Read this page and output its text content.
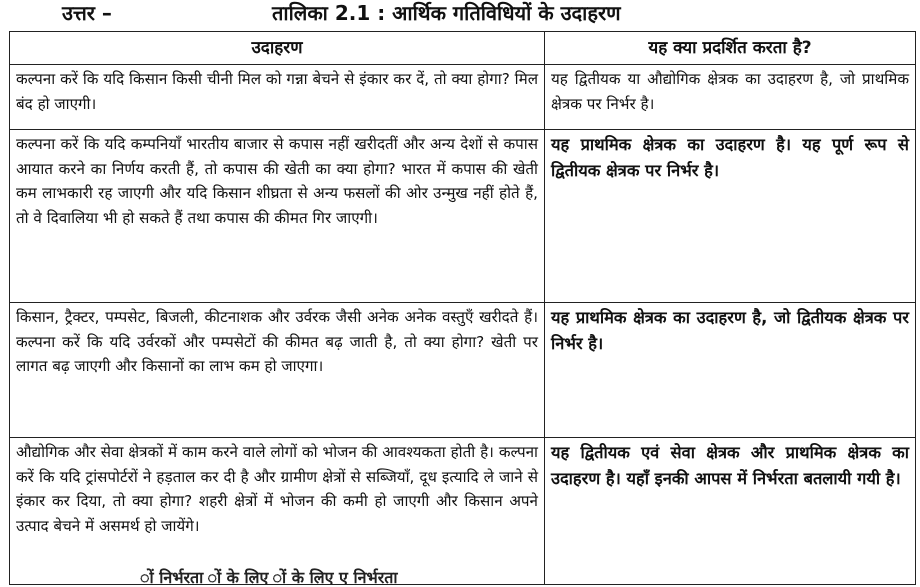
उत्तर –	तालिका 2.1 : आर्थिक गतिविधियों के उदाहरण
उदाहरण	यह क्या प्रदर्शित करता है?
कल्पना करें कि यदि किसान किसी चीनी मिल को गन्ना बेचने से इंकार कर दें, तो क्या होगा? मिल बंद हो जाएगी।	यह द्वितीयक या औद्योगिक क्षेत्रक का उदाहरण है, जो प्राथमिक क्षेत्रक पर निर्भर है।
कल्पना करें कि यदि कम्पनियाँ भारतीय बाजार से कपास नहीं खरीदतीं और अन्य देशों से कपास आयात करने का निर्णय करती हैं, तो कपास की खेती का क्या होगा? भारत में कपास की खेती कम लाभकारी रह जाएगी और यदि किसान शीघ्रता से अन्य फसलों की ओर उन्मुख नहीं होते हैं, तो वे दिवालिया भी हो सकते हैं तथा कपास की कीमत गिर जाएगी।	यह प्राथमिक क्षेत्रक का उदाहरण है। यह पूर्ण रूप से द्वितीयक क्षेत्रक पर निर्भर है।
किसान, ट्रैक्टर, पम्पसेट, बिजली, कीटनाशक और उर्वरक जैसी अनेक अनेक वस्तुएँ खरीदते हैं। कल्पना करें कि यदि उर्वरकों और पम्पसेटों की कीमत बढ़ जाती है, तो क्या होगा? खेती पर लागत बढ़ जाएगी और किसानों का लाभ कम हो जाएगा।	यह प्राथमिक क्षेत्रक का उदाहरण है, जो द्वितीयक क्षेत्रक पर निर्भर है।
औद्योगिक और सेवा क्षेत्रकों में काम करने वाले लोगों को भोजन की आवश्यकता होती है। कल्पना करें कि यदि ट्रांसपोर्टरों ने हड़ताल कर दी है और ग्रामीण क्षेत्रों से सब्जियाँ, दूध इत्यादि ले जाने से इंकार कर दिया, तो क्या होगा? शहरी क्षेत्रों में भोजन की कमी हो जाएगी और किसान अपने उत्पाद बेचने में असमर्थ हो जायेंगे।	यह द्वितीयक एवं सेवा क्षेत्रक और प्राथमिक क्षेत्रक का उदाहरण है। यहाँ इनकी आपस में निर्भरता बतलायी गयी है।
ों निर्भरता ों के लिए ों के लिए ए निर्भरता
